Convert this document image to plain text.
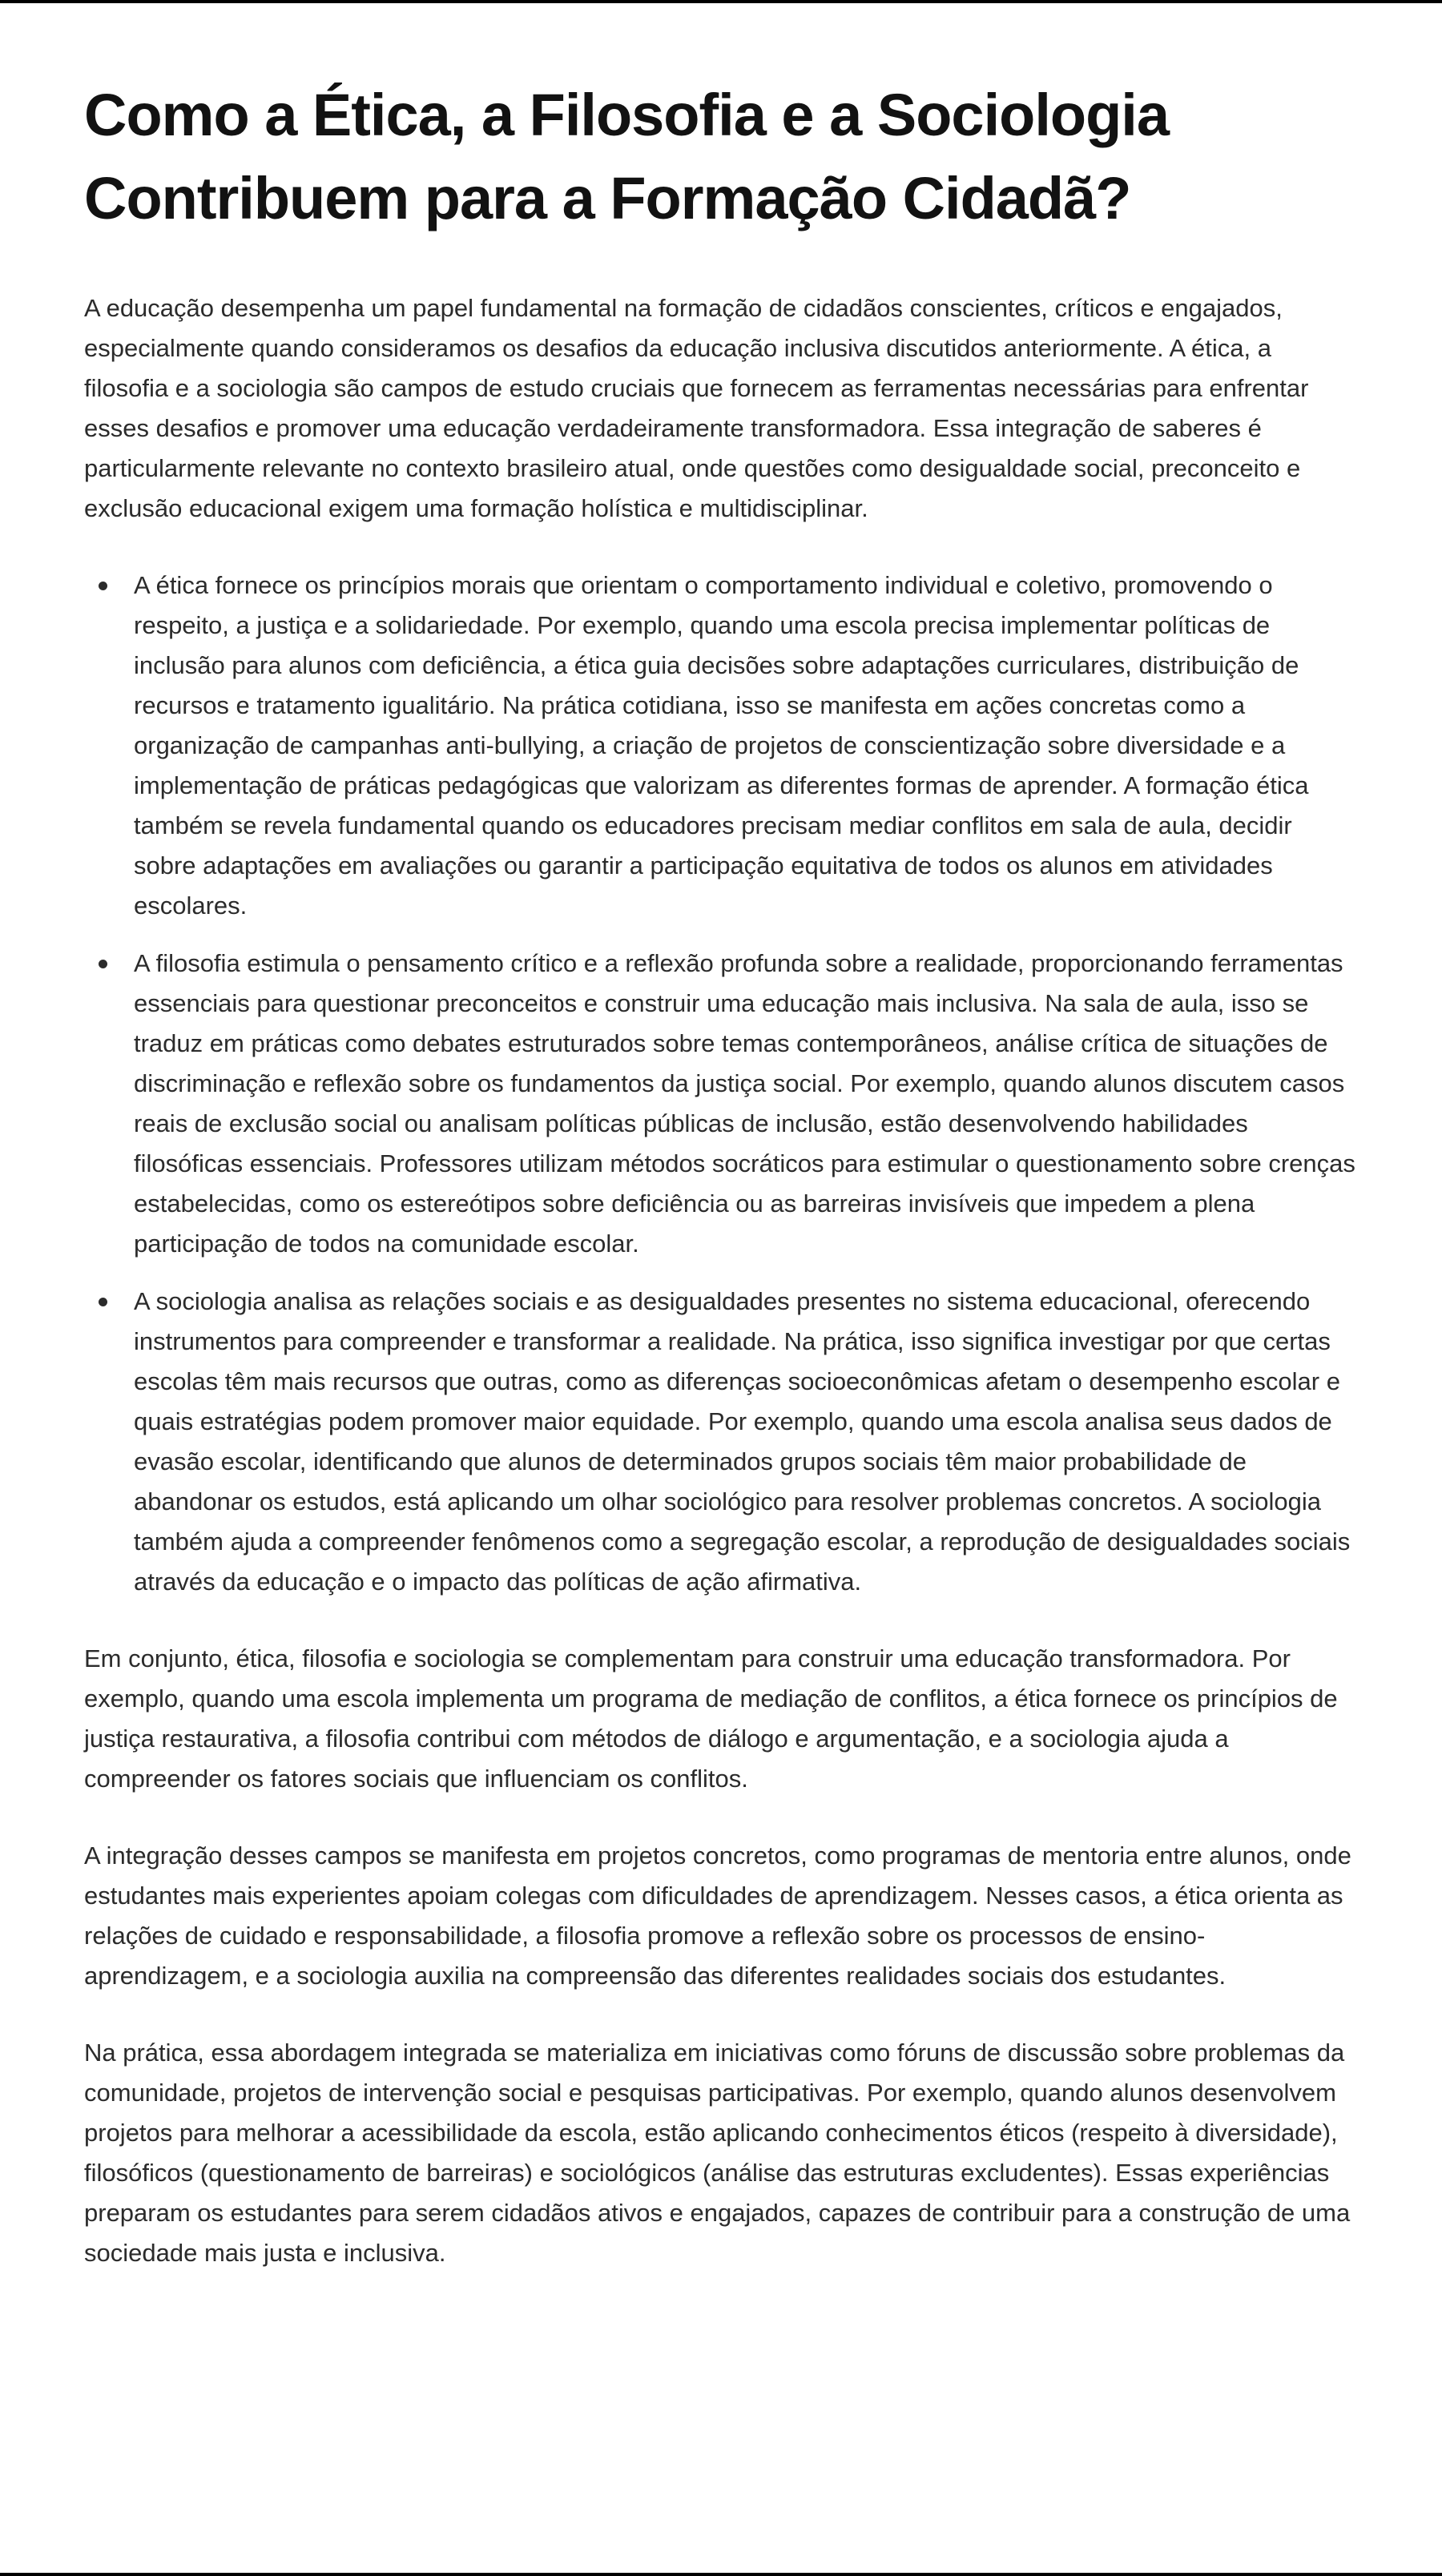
Como a Ética, a Filosofia e a Sociologia
Contribuem para a Formação Cidadã?

A educação desempenha um papel fundamental na formação de cidadãos conscientes, críticos e engajados, especialmente quando consideramos os desafios da educação inclusiva discutidos anteriormente. A ética, a filosofia e a sociologia são campos de estudo cruciais que fornecem as ferramentas necessárias para enfrentar esses desafios e promover uma educação verdadeiramente transformadora. Essa integração de saberes é particularmente relevante no contexto brasileiro atual, onde questões como desigualdade social, preconceito e exclusão educacional exigem uma formação holística e multidisciplinar.

A ética fornece os princípios morais que orientam o comportamento individual e coletivo, promovendo o respeito, a justiça e a solidariedade. Por exemplo, quando uma escola precisa implementar políticas de inclusão para alunos com deficiência, a ética guia decisões sobre adaptações curriculares, distribuição de recursos e tratamento igualitário. Na prática cotidiana, isso se manifesta em ações concretas como a organização de campanhas anti-bullying, a criação de projetos de conscientização sobre diversidade e a implementação de práticas pedagógicas que valorizam as diferentes formas de aprender. A formação ética também se revela fundamental quando os educadores precisam mediar conflitos em sala de aula, decidir sobre adaptações em avaliações ou garantir a participação equitativa de todos os alunos em atividades escolares.
A filosofia estimula o pensamento crítico e a reflexão profunda sobre a realidade, proporcionando ferramentas essenciais para questionar preconceitos e construir uma educação mais inclusiva. Na sala de aula, isso se traduz em práticas como debates estruturados sobre temas contemporâneos, análise crítica de situações de discriminação e reflexão sobre os fundamentos da justiça social. Por exemplo, quando alunos discutem casos reais de exclusão social ou analisam políticas públicas de inclusão, estão desenvolvendo habilidades filosóficas essenciais. Professores utilizam métodos socráticos para estimular o questionamento sobre crenças estabelecidas, como os estereótipos sobre deficiência ou as barreiras invisíveis que impedem a plena participação de todos na comunidade escolar.
A sociologia analisa as relações sociais e as desigualdades presentes no sistema educacional, oferecendo instrumentos para compreender e transformar a realidade. Na prática, isso significa investigar por que certas escolas têm mais recursos que outras, como as diferenças socioeconômicas afetam o desempenho escolar e quais estratégias podem promover maior equidade. Por exemplo, quando uma escola analisa seus dados de evasão escolar, identificando que alunos de determinados grupos sociais têm maior probabilidade de abandonar os estudos, está aplicando um olhar sociológico para resolver problemas concretos. A sociologia também ajuda a compreender fenômenos como a segregação escolar, a reprodução de desigualdades sociais através da educação e o impacto das políticas de ação afirmativa.

Em conjunto, ética, filosofia e sociologia se complementam para construir uma educação transformadora. Por exemplo, quando uma escola implementa um programa de mediação de conflitos, a ética fornece os princípios de justiça restaurativa, a filosofia contribui com métodos de diálogo e argumentação, e a sociologia ajuda a compreender os fatores sociais que influenciam os conflitos.

A integração desses campos se manifesta em projetos concretos, como programas de mentoria entre alunos, onde estudantes mais experientes apoiam colegas com dificuldades de aprendizagem. Nesses casos, a ética orienta as relações de cuidado e responsabilidade, a filosofia promove a reflexão sobre os processos de ensino-aprendizagem, e a sociologia auxilia na compreensão das diferentes realidades sociais dos estudantes.

Na prática, essa abordagem integrada se materializa em iniciativas como fóruns de discussão sobre problemas da comunidade, projetos de intervenção social e pesquisas participativas. Por exemplo, quando alunos desenvolvem projetos para melhorar a acessibilidade da escola, estão aplicando conhecimentos éticos (respeito à diversidade), filosóficos (questionamento de barreiras) e sociológicos (análise das estruturas excludentes). Essas experiências preparam os estudantes para serem cidadãos ativos e engajados, capazes de contribuir para a construção de uma sociedade mais justa e inclusiva.
